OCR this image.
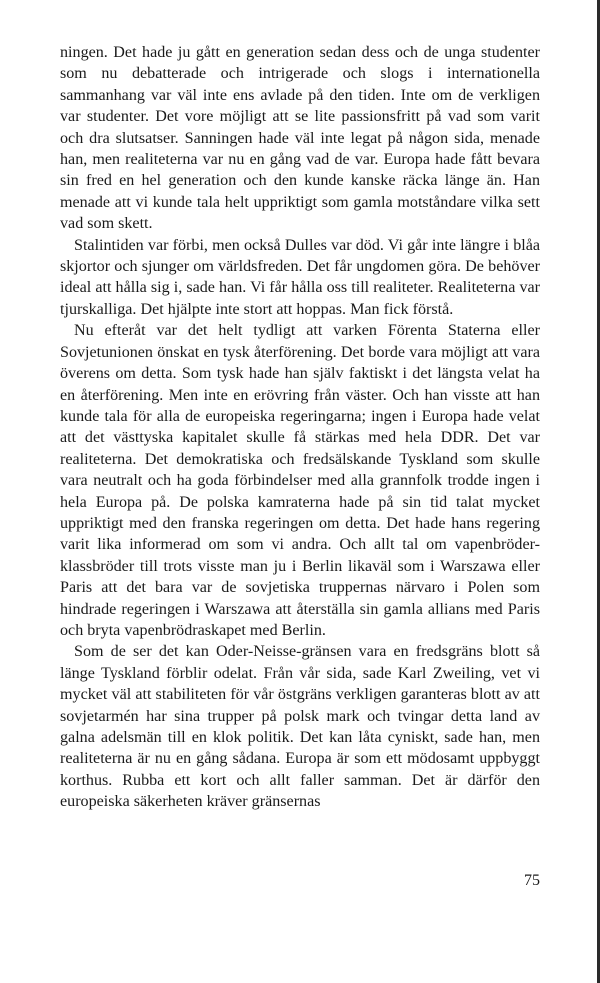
ningen. Det hade ju gått en generation sedan dess och de unga studenter som nu debatterade och intrigerade och slogs i internationella sammanhang var väl inte ens avlade på den tiden. Inte om de verkligen var studenter. Det vore möjligt att se lite passionsfritt på vad som varit och dra slutsatser. Sanningen hade väl inte legat på någon sida, menade han, men realiteterna var nu en gång vad de var. Europa hade fått bevara sin fred en hel generation och den kunde kanske räcka länge än. Han menade att vi kunde tala helt uppriktigt som gamla motståndare vilka sett vad som skett.

Stalintiden var förbi, men också Dulles var död. Vi går inte längre i blåa skjortor och sjunger om världsfreden. Det får ungdomen göra. De behöver ideal att hålla sig i, sade han. Vi får hålla oss till realiteter. Realiteterna var tjurskalliga. Det hjälpte inte stort att hoppas. Man fick förstå.

Nu efteråt var det helt tydligt att varken Förenta Staterna eller Sovjetunionen önskat en tysk återförening. Det borde vara möjligt att vara överens om detta. Som tysk hade han själv faktiskt i det längsta velat ha en återförening. Men inte en erövring från väster. Och han visste att han kunde tala för alla de europeiska regeringarna; ingen i Europa hade velat att det västtyska kapitalet skulle få stärkas med hela DDR. Det var realiteterna. Det demokratiska och fredsälskande Tyskland som skulle vara neutralt och ha goda förbindelser med alla grannfolk trodde ingen i hela Europa på. De polska kamraterna hade på sin tid talat mycket uppriktigt med den franska regeringen om detta. Det hade hans regering varit lika informerad om som vi andra. Och allt tal om vapenbröder-klassbröder till trots visste man ju i Berlin likaväl som i Warszawa eller Paris att det bara var de sovjetiska truppernas närvaro i Polen som hindrade regeringen i Warszawa att återställa sin gamla allians med Paris och bryta vapenbrödraskapet med Berlin.

Som de ser det kan Oder-Neisse-gränsen vara en fredsgräns blott så länge Tyskland förblir odelat. Från vår sida, sade Karl Zweiling, vet vi mycket väl att stabiliteten för vår östgräns verkligen garanteras blott av att sovjetarmén har sina trupper på polsk mark och tvingar detta land av galna adelsmän till en klok politik. Det kan låta cyniskt, sade han, men realiteterna är nu en gång sådana. Europa är som ett mödosamt uppbyggt korthus. Rubba ett kort och allt faller samman. Det är därför den europeiska säkerheten kräver gränsernas

75
